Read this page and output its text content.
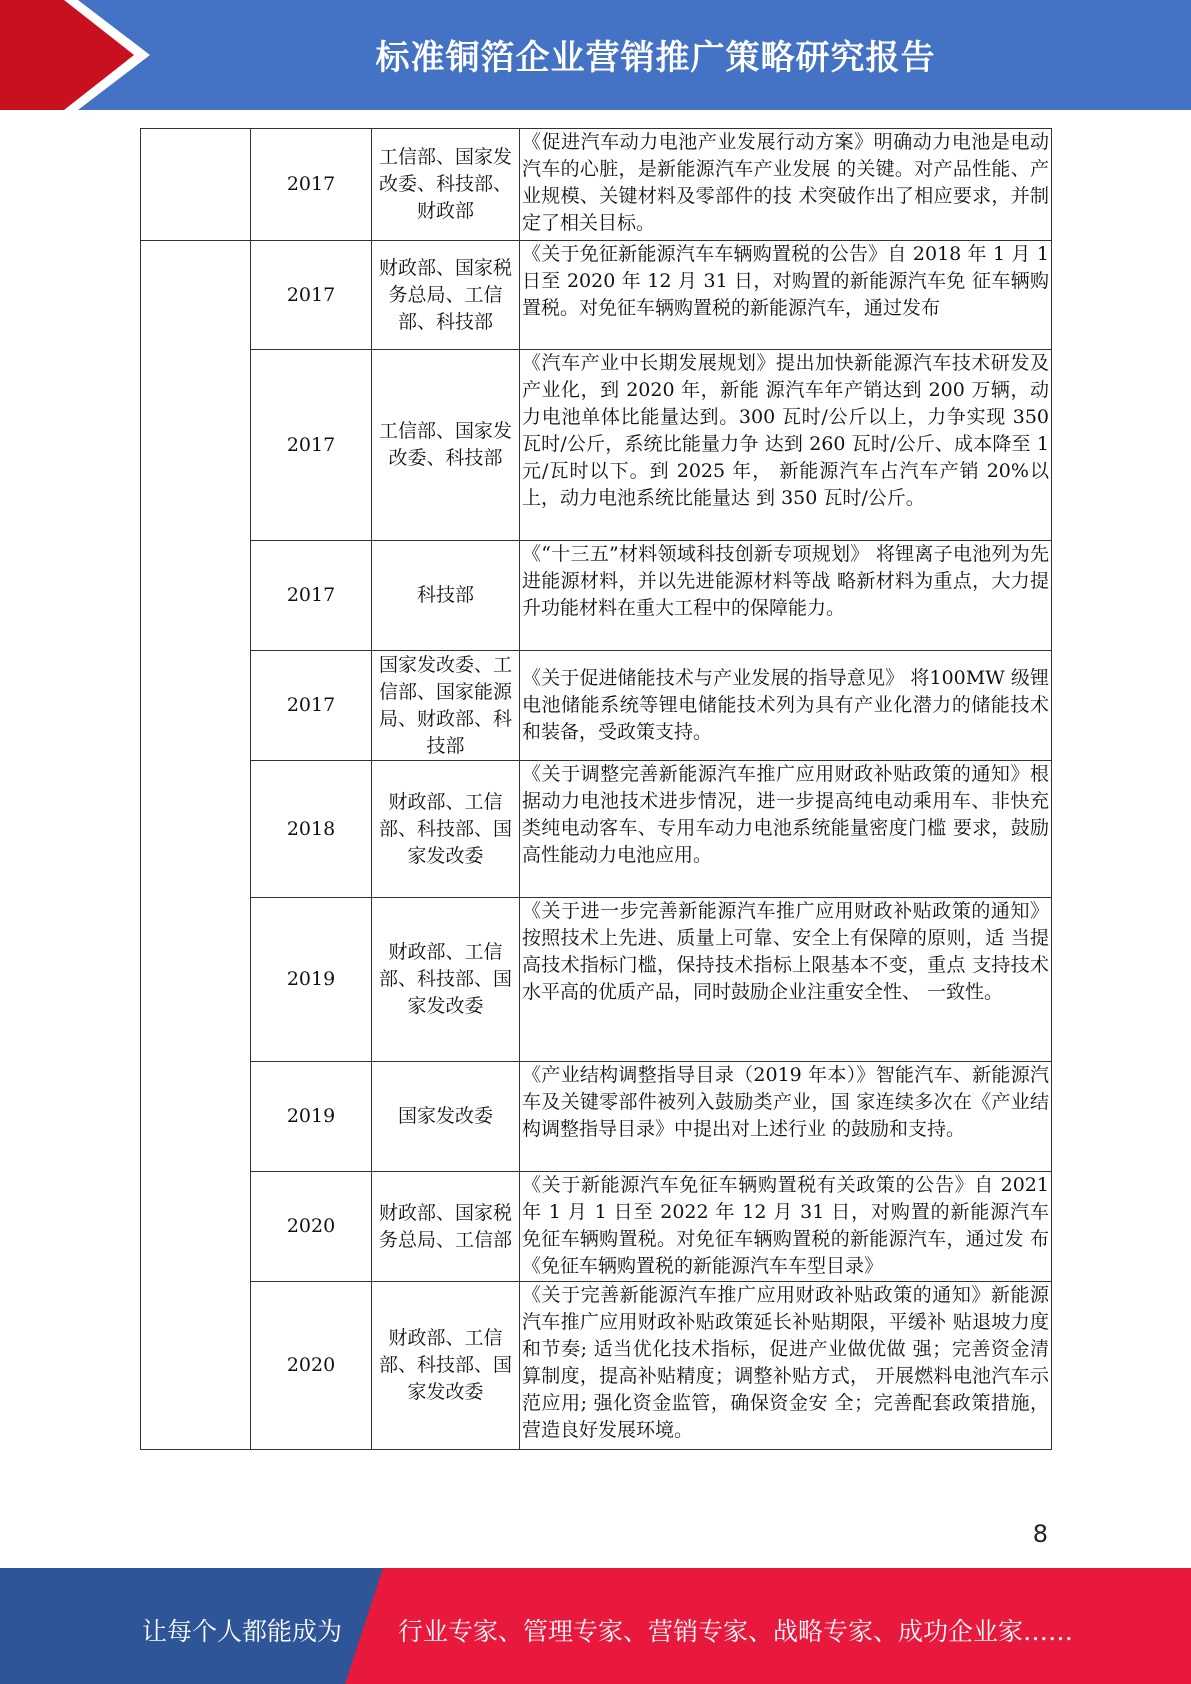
标准铜箔企业营销推广策略研究报告
	2017	工信部、国家发 改委、科技部、 财政部	《促进汽车动力电池产业发展行动方案》明确动力电池是电动汽车的心脏，是新能源汽车产业发展 的关键。对产品性能、产业规模、关键材料及零部件的技 术突破作出了相应要求，并制定了相关目标。
	2017	财政部、国家税 务总局、工信 部、科技部	《关于免征新能源汽车车辆购置税的公告》自 2018 年 1 月 1 日至 2020 年 12 月 31 日，对购置的新能源汽车免 征车辆购置税。对免征车辆购置税的新能源汽车，通过发布
	2017	工信部、国家发 改委、科技部	《汽车产业中长期发展规划》提出加快新能源汽车技术研发及产业化，到 2020 年，新能 源汽车年产销达到 200 万辆，动力电池单体比能量达到。300 瓦时/公斤以上，力争实现 350 瓦时/公斤，系统比能量力争 达到 260 瓦时/公斤、成本降至 1 元/瓦时以下。到 2025 年， 新能源汽车占汽车产销 20%以上，动力电池系统比能量达 到 350 瓦时/公斤。
	2017	科技部	《“十三五”材料领域科技创新专项规划》 将锂离子电池列为先进能源材料，并以先进能源材料等战 略新材料为重点，大力提升功能材料在重大工程中的保障能力。
	2017	国家发改委、工 信部、国家能源 局、财政部、科 技部	《关于促进储能技术与产业发展的指导意见》 将100MW 级锂电池储能系统等锂电储能技术列为具有产业化潜力的储能技术和装备，受政策支持。
	2018	财政部、工信部、科技部、国 家发改委	《关于调整完善新能源汽车推广应用财政补贴政策的通知》根据动力电池技术进步情况，进一步提高纯电动乘用车、非快充类纯电动客车、专用车动力电池系统能量密度门槛 要求，鼓励高性能动力电池应用。
	2019	财政部、工信部、科技部、国 家发改委	《关于进一步完善新能源汽车推广应用财政补贴政策的通知》按照技术上先进、质量上可靠、安全上有保障的原则，适 当提高技术指标门槛，保持技术指标上限基本不变，重点 支持技术水平高的优质产品，同时鼓励企业注重安全性、 一致性。
	2019	国家发改委	《产业结构调整指导目录（2019 年本）》智能汽车、新能源汽车及关键零部件被列入鼓励类产业，国 家连续多次在《产业结构调整指导目录》中提出对上述行业 的鼓励和支持。
	2020	财政部、国家税务总局、工信部	《关于新能源汽车免征车辆购置税有关政策的公告》自 2021 年 1 月 1 日至 2022 年 12 月 31 日，对购置的新能源汽车 免征车辆购置税。对免征车辆购置税的新能源汽车，通过发 布《免征车辆购置税的新能源汽车车型目录》
	2020	财政部、工信部、科技部、国 家发改委	《关于完善新能源汽车推广应用财政补贴政策的通知》新能源汽车推广应用财政补贴政策延长补贴期限，平缓补 贴退坡力度和节奏; 适当优化技术指标，促进产业做优做 强；完善资金清算制度，提高补贴精度；调整补贴方式， 开展燃料电池汽车示范应用; 强化资金监管，确保资金安 全；完善配套政策措施，营造良好发展环境。
8
让每个人都能成为 行业专家、管理专家、营销专家、战略专家、成功企业家……
